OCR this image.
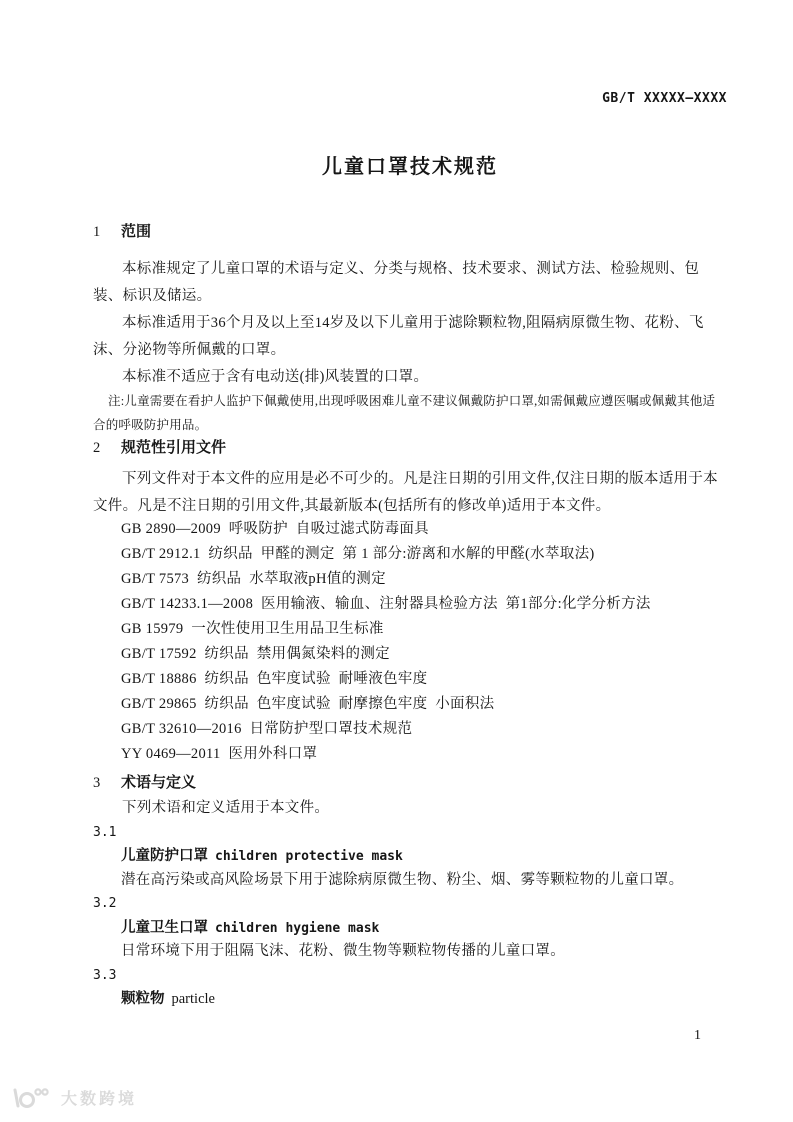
GB/T XXXXX—XXXX
儿童口罩技术规范
1 范围
本标准规定了儿童口罩的术语与定义、分类与规格、技术要求、测试方法、检验规则、包装、标识及储运。
本标准适用于36个月及以上至14岁及以下儿童用于滤除颗粒物,阻隔病原微生物、花粉、飞沫、分泌物等所佩戴的口罩。
本标准不适应于含有电动送(排)风装置的口罩。
注:儿童需要在看护人监护下佩戴使用,出现呼吸困难儿童不建议佩戴防护口罩,如需佩戴应遵医嘱或佩戴其他适合的呼吸防护用品。
2 规范性引用文件
下列文件对于本文件的应用是必不可少的。凡是注日期的引用文件,仅注日期的版本适用于本文件。凡是不注日期的引用文件,其最新版本(包括所有的修改单)适用于本文件。
GB 2890—2009  呼吸防护  自吸过滤式防毒面具
GB/T 2912.1  纺织品  甲醛的测定  第 1 部分:游离和水解的甲醛(水萃取法)
GB/T 7573  纺织品  水萃取液pH值的测定
GB/T 14233.1—2008  医用输液、输血、注射器具检验方法  第1部分:化学分析方法
GB 15979  一次性使用卫生用品卫生标准
GB/T 17592  纺织品  禁用偶氮染料的测定
GB/T 18886  纺织品  色牢度试验  耐唾液色牢度
GB/T 29865  纺织品  色牢度试验  耐摩擦色牢度  小面积法
GB/T 32610—2016  日常防护型口罩技术规范
YY 0469—2011  医用外科口罩
3 术语与定义
下列术语和定义适用于本文件。
3.1
儿童防护口罩 children protective mask
潜在高污染或高风险场景下用于滤除病原微生物、粉尘、烟、雾等颗粒物的儿童口罩。
3.2
儿童卫生口罩 children hygiene mask
日常环境下用于阻隔飞沫、花粉、微生物等颗粒物传播的儿童口罩。
3.3
颗粒物 particle
1
大数跨境
